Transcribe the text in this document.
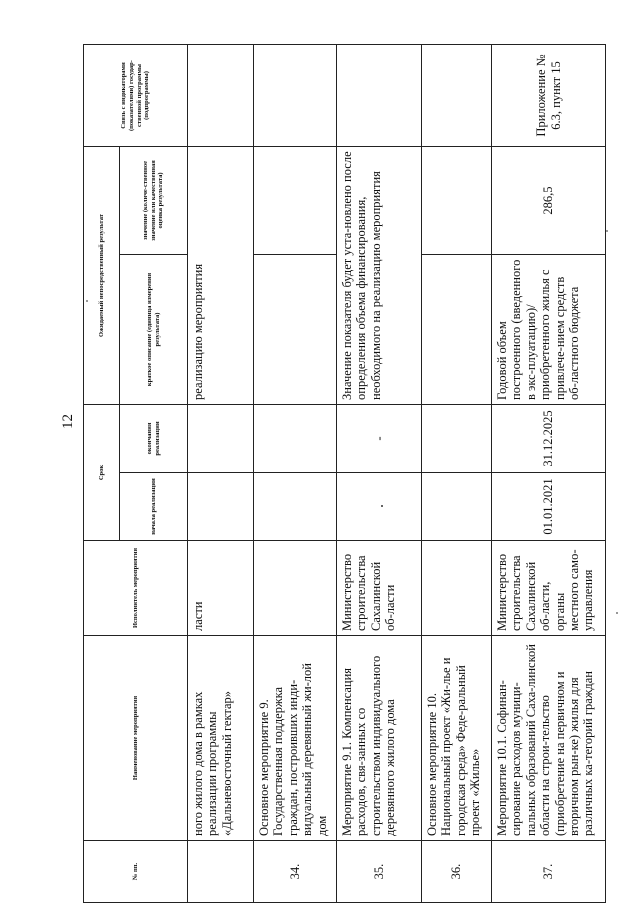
12
№ пп.	Наименование мероприятия	Исполнитель мероприятия	Срок		Ожидаемый непосредственный результат		Связь с индикаторами (показателями) государ-ственной программы (подпрограммы)
			начала реализации	окончания реализации	краткое описание (единица измерения результата)	значение (количе-ственное значение или качественная оценка результата)	
	ного жилого дома в рамках реализации программы «Дальневосточный гектар»	ласти			реализацию мероприятия		
34.	Основное мероприятие 9. Государственная поддержка граждан, построивших инди-видуальный деревянный жи-лой дом						
35.	Мероприятие 9.1. Компенсация расходов, свя-занных со строительством индивидуального деревянного жилого дома	Министерство строительства Сахалинской об-ласти		-	Значение показателя будет уста-новлено после определения объема финансирования, необходимого на реализацию мероприятия		
36.	Основное мероприятие 10. Национальный проект «Жи-лье и городская среда» Феде-ральный проект «Жилье»						
37.	Мероприятие 10.1. Софинан-сирование расходов муници-пальных образований Саха-линской области на строи-тельство (приобретение на первичном и вторичном рын-ке) жилья для различных ка-тегорий граждан	Министерство строительства Сахалинской об-ласти, органы местного само-управления	01.01.2021	31.12.2025	Годовой объем построенного (введенного в экс-плуатацию)/ приобретенного жилья с привлече-нием средств об-ластного бюджета	286,5	Приложение № 6.3, пункт 15
